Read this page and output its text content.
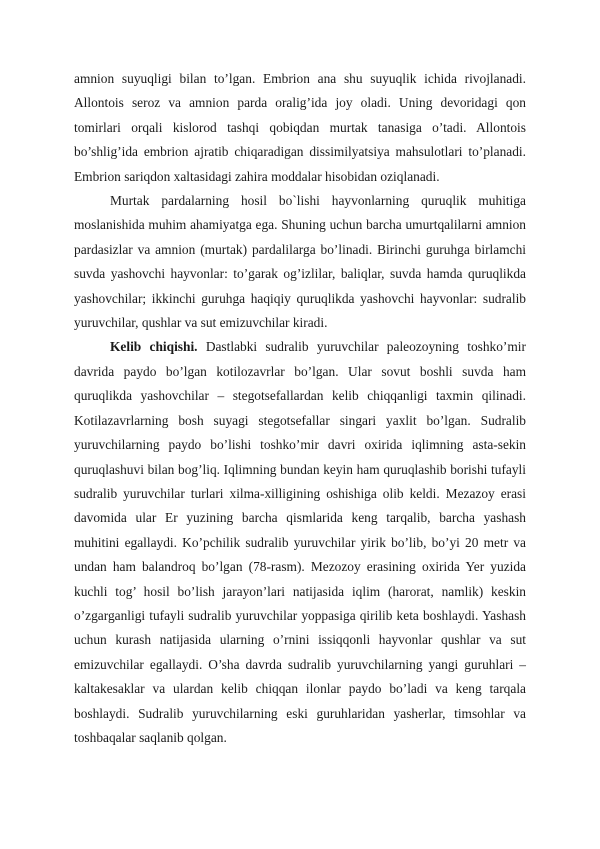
amnion suyuqligi bilan to’lgan. Embrion ana shu suyuqlik ichida rivojlanadi. Allontois seroz va amnion parda oralig’ida joy oladi. Uning devoridagi qon tomirlari orqali kislorod tashqi qobiqdan murtak tanasiga o’tadi. Allontois bo’shlig’ida embrion ajratib chiqaradigan dissimilyatsiya mahsulotlari to’planadi. Embrion sariqdon xaltasidagi zahira moddalar hisobidan oziqlanadi.

Murtak pardalarning hosil bo`lishi hayvonlarning quruqlik muhitiga moslanishida muhim ahamiyatga ega. Shuning uchun barcha umurtqalilarni amnion pardasizlar va amnion (murtak) pardalilarga bo’linadi. Birinchi guruhga birlamchi suvda yashovchi hayvonlar: to’garak og’izlilar, baliqlar, suvda hamda quruqlikda yashovchilar; ikkinchi guruhga haqiqiy quruqlikda yashovchi hayvonlar: sudralib yuruvchilar, qushlar va sut emizuvchilar kiradi.

Kelib chiqishi. Dastlabki sudralib yuruvchilar paleozoyning toshko’mir davrida paydo bo’lgan kotilozavrlar bo’lgan. Ular sovut boshli suvda ham quruqlikda yashovchilar – stegotsefallardan kelib chiqqanligi taxmin qilinadi. Kotilazavrlarning bosh suyagi stegotsefallar singari yaxlit bo’lgan. Sudralib yuruvchilarning paydo bo’lishi toshko’mir davri oxirida iqlimning asta-sekin quruqlashuvi bilan bog’liq. Iqlimning bundan keyin ham quruqlashib borishi tufayli sudralib yuruvchilar turlari xilma-xilligining oshishiga olib keldi. Mezazoy erasi davomida ular Er yuzining barcha qismlarida keng tarqalib, barcha yashash muhitini egallaydi. Ko’pchilik sudralib yuruvchilar yirik bo’lib, bo’yi 20 metr va undan ham balandroq bo’lgan (78-rasm). Mezozoy erasining oxirida Yer yuzida kuchli tog’ hosil bo’lish jarayon’lari natijasida iqlim (harorat, namlik) keskin o’zgarganligi tufayli sudralib yuruvchilar yoppasiga qirilib keta boshlaydi. Yashash uchun kurash natijasida ularning o’rnini issiqqonli hayvonlar qushlar va sut emizuvchilar egallaydi. O’sha davrda sudralib yuruvchilarning yangi guruhlari – kaltakesaklar va ulardan kelib chiqqan ilonlar paydo bo’ladi va keng tarqala boshlaydi. Sudralib yuruvchilarning eski guruhlaridan yasherlar, timsohlar va toshbaqalar saqlanib qolgan.
